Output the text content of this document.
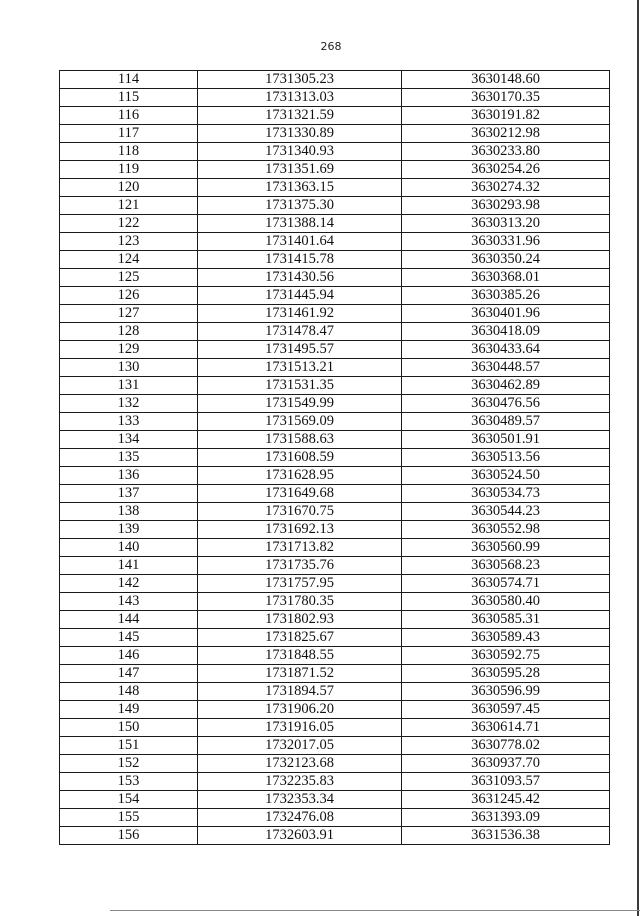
268
114	1731305.23	3630148.60
115	1731313.03	3630170.35
116	1731321.59	3630191.82
117	1731330.89	3630212.98
118	1731340.93	3630233.80
119	1731351.69	3630254.26
120	1731363.15	3630274.32
121	1731375.30	3630293.98
122	1731388.14	3630313.20
123	1731401.64	3630331.96
124	1731415.78	3630350.24
125	1731430.56	3630368.01
126	1731445.94	3630385.26
127	1731461.92	3630401.96
128	1731478.47	3630418.09
129	1731495.57	3630433.64
130	1731513.21	3630448.57
131	1731531.35	3630462.89
132	1731549.99	3630476.56
133	1731569.09	3630489.57
134	1731588.63	3630501.91
135	1731608.59	3630513.56
136	1731628.95	3630524.50
137	1731649.68	3630534.73
138	1731670.75	3630544.23
139	1731692.13	3630552.98
140	1731713.82	3630560.99
141	1731735.76	3630568.23
142	1731757.95	3630574.71
143	1731780.35	3630580.40
144	1731802.93	3630585.31
145	1731825.67	3630589.43
146	1731848.55	3630592.75
147	1731871.52	3630595.28
148	1731894.57	3630596.99
149	1731906.20	3630597.45
150	1731916.05	3630614.71
151	1732017.05	3630778.02
152	1732123.68	3630937.70
153	1732235.83	3631093.57
154	1732353.34	3631245.42
155	1732476.08	3631393.09
156	1732603.91	3631536.38
